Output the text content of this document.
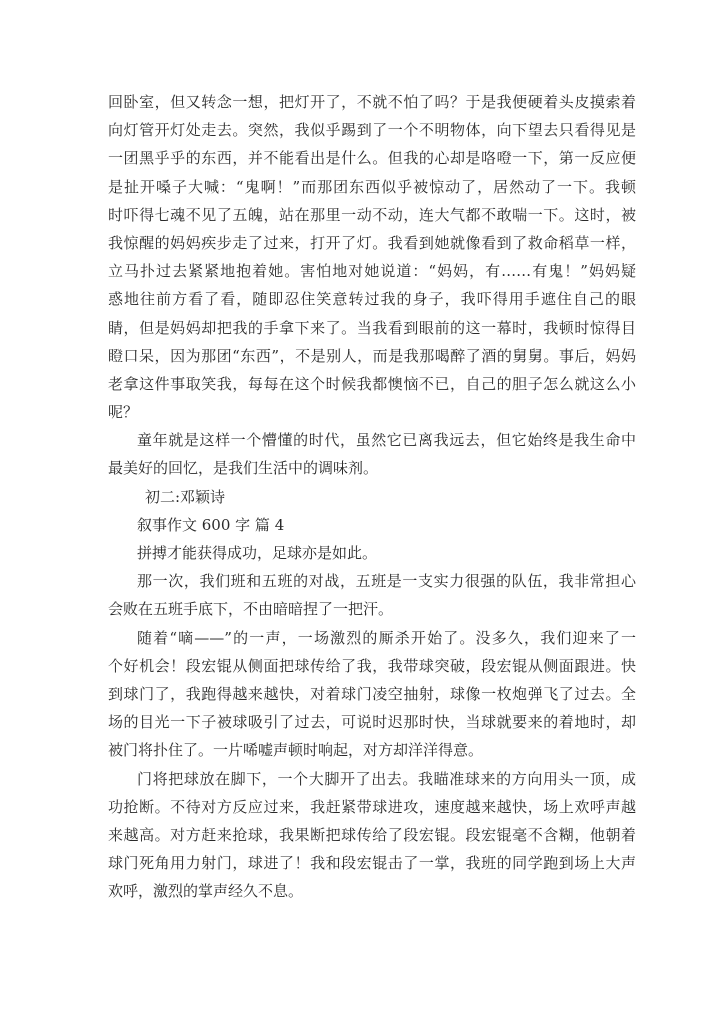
回卧室，但又转念一想，把灯开了，不就不怕了吗？于是我便硬着头皮摸索着
向灯管开灯处走去。突然，我似乎踢到了一个不明物体，向下望去只看得见是
一团黑乎乎的东西，并不能看出是什么。但我的心却是咯噔一下，第一反应便
是扯开嗓子大喊：“鬼啊！”而那团东西似乎被惊动了，居然动了一下。我顿
时吓得七魂不见了五魄，站在那里一动不动，连大气都不敢喘一下。这时，被
我惊醒的妈妈疾步走了过来，打开了灯。我看到她就像看到了救命稻草一样，
立马扑过去紧紧地抱着她。害怕地对她说道：“妈妈，有……有鬼！”妈妈疑
惑地往前方看了看，随即忍住笑意转过我的身子，我吓得用手遮住自己的眼
睛，但是妈妈却把我的手拿下来了。当我看到眼前的这一幕时，我顿时惊得目
瞪口呆，因为那团“东西”，不是别人，而是我那喝醉了酒的舅舅。事后，妈妈
老拿这件事取笑我，每每在这个时候我都懊恼不已，自己的胆子怎么就这么小
呢？
童年就是这样一个懵懂的时代，虽然它已离我远去，但它始终是我生命中
最美好的回忆，是我们生活中的调味剂。
初二:邓颖诗
叙事作文 600 字 篇 4
拼搏才能获得成功，足球亦是如此。
那一次，我们班和五班的对战，五班是一支实力很强的队伍，我非常担心
会败在五班手底下，不由暗暗捏了一把汗。
随着“嘀——”的一声，一场激烈的厮杀开始了。没多久，我们迎来了一
个好机会！段宏锟从侧面把球传给了我，我带球突破，段宏锟从侧面跟进。快
到球门了，我跑得越来越快，对着球门凌空抽射，球像一枚炮弹飞了过去。全
场的目光一下子被球吸引了过去，可说时迟那时快，当球就要来的着地时，却
被门将扑住了。一片唏嘘声顿时响起，对方却洋洋得意。
门将把球放在脚下，一个大脚开了出去。我瞄准球来的方向用头一顶，成
功抢断。不待对方反应过来，我赶紧带球进攻，速度越来越快，场上欢呼声越
来越高。对方赶来抢球，我果断把球传给了段宏锟。段宏锟毫不含糊，他朝着
球门死角用力射门，球进了！我和段宏锟击了一掌，我班的同学跑到场上大声
欢呼，激烈的掌声经久不息。
